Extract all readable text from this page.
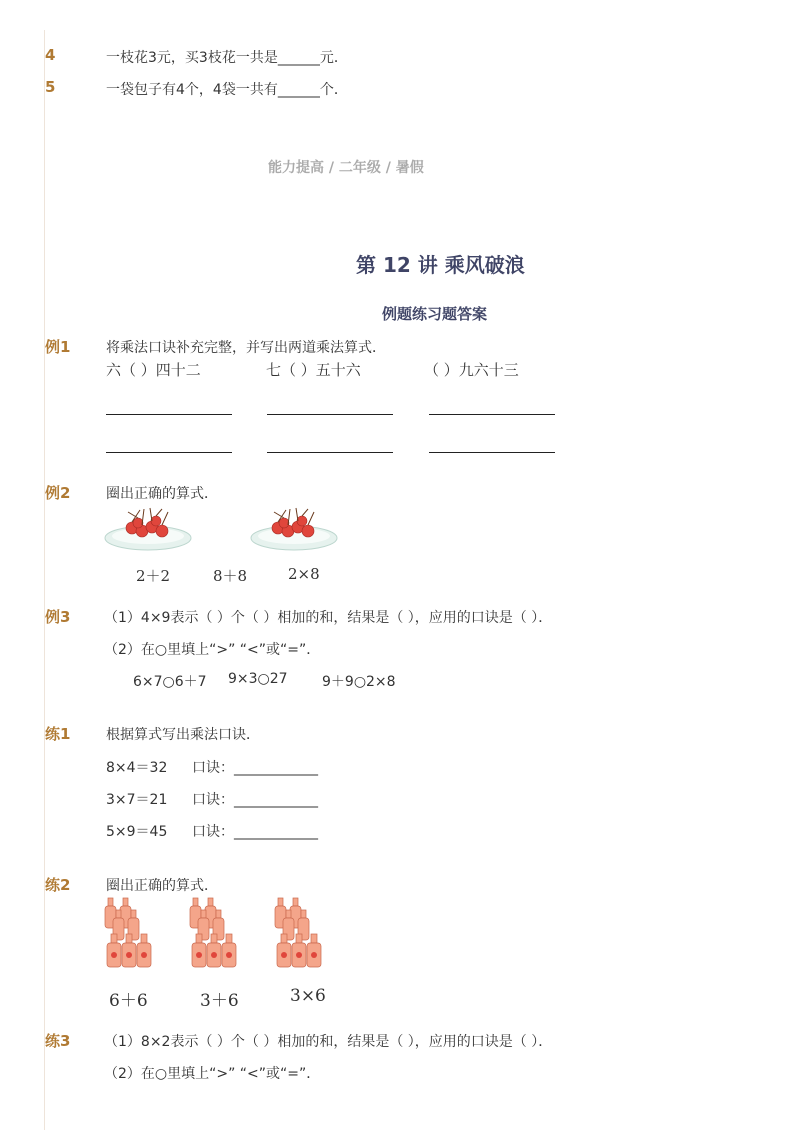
4	一枝花3元，买3枝花一共是______元．
5	一袋包子有4个，4袋一共有______个．
能力提高 / 二年级 / 暑假
第 12 讲 乘风破浪
例题练习题答案
例1	将乘法口诀补充完整，并写出两道乘法算式．
六（ ）四十二	七（ ）五十六	（ ）九六十三
例2	圈出正确的算式．
2＋2	8＋8	2×8
例3 （1）4×9表示（ ）个（ ）相加的和，结果是（ ），应用的口诀是（ ）．
（2）在○里填上“>” “<”或“=”．
6×7○6＋7 9×3○27 9＋9○2×8
练1	根据算式写出乘法口诀．
8×4＝32 口诀：____________
3×7＝21 口诀：____________
5×9＝45 口诀：____________
练2	圈出正确的算式．
6＋6	3＋6	3×6
练3 （1）8×2表示（ ）个（ ）相加的和，结果是（ ），应用的口诀是（ ）．
（2）在○里填上“>” “<”或“=”．
